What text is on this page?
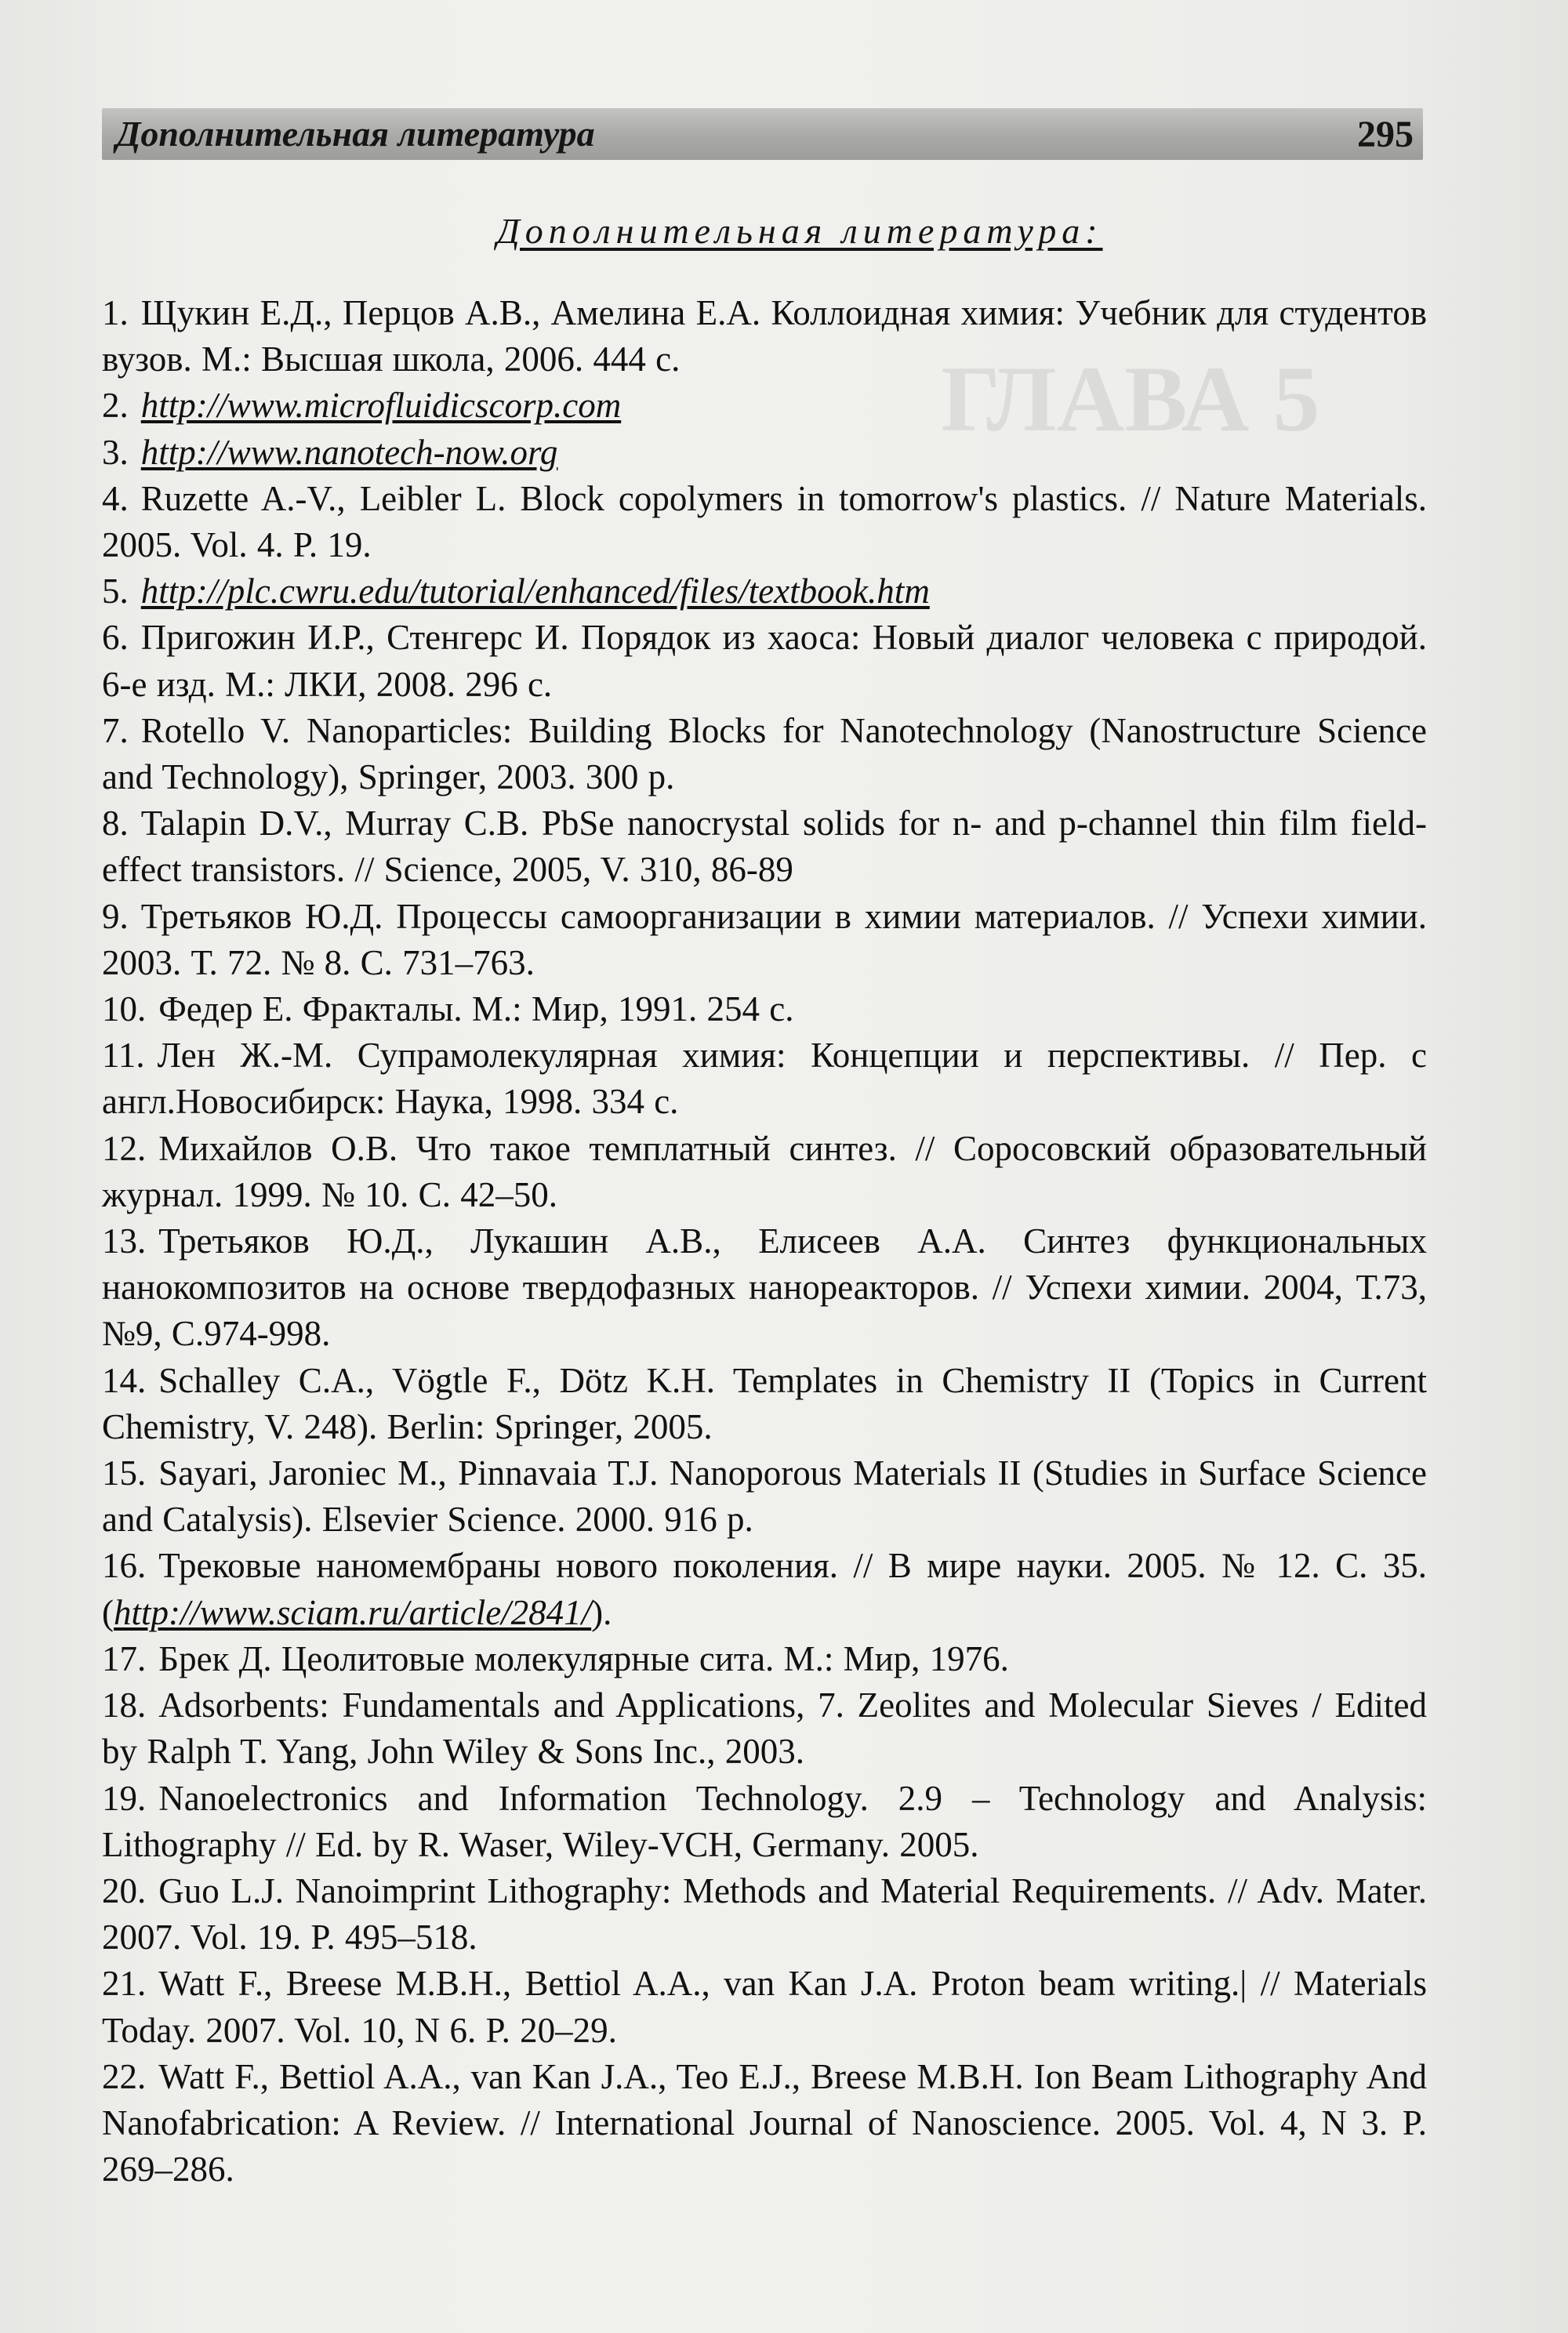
ГЛАВА 5
Дополнительная литература	295
Дополнительная литература:
1. Щукин Е.Д., Перцов А.В., Амелина Е.А. Коллоидная химия: Учебник для студентов вузов. М.: Высшая школа, 2006. 444 с.
2. http://www.microfluidicscorp.com
3. http://www.nanotech-now.org
4. Ruzette A.-V., Leibler L. Block copolymers in tomorrow's plastics. // Nature Materials. 2005. Vol. 4. P. 19.
5. http://plc.cwru.edu/tutorial/enhanced/files/textbook.htm
6. Пригожин И.Р., Стенгерс И. Порядок из хаоса: Новый диалог человека с природой. 6-е изд. М.: ЛКИ, 2008. 296 с.
7. Rotello V. Nanoparticles: Building Blocks for Nanotechnology (Nanostructure Science and Technology), Springer, 2003. 300 p.
8. Talapin D.V., Murray C.B. PbSe nanocrystal solids for n- and p-channel thin film field-effect transistors. // Science, 2005, V. 310, 86-89
9. Третьяков Ю.Д. Процессы самоорганизации в химии материалов. // Успехи химии. 2003. Т. 72. № 8. С. 731–763.
10. Федер Е. Фракталы. М.: Мир, 1991. 254 с.
11. Лен Ж.-М. Супрамолекулярная химия: Концепции и перспективы. // Пер. с англ.Новосибирск: Наука, 1998. 334 с.
12. Михайлов О.В. Что такое темплатный синтез. // Соросовский образовательный журнал. 1999. № 10. С. 42–50.
13. Третьяков Ю.Д., Лукашин А.В., Елисеев А.А. Синтез функциональных нанокомпозитов на основе твердофазных нанореакторов. // Успехи химии. 2004, Т.73, №9, С.974-998.
14. Schalley C.A., Vögtle F., Dötz K.H. Templates in Chemistry II (Topics in Current Chemistry, V. 248). Berlin: Springer, 2005.
15. Sayari, Jaroniec M., Pinnavaia T.J. Nanoporous Materials II (Studies in Surface Science and Catalysis). Elsevier Science. 2000. 916 p.
16. Трековые наномембраны нового поколения. // В мире науки. 2005. № 12. С. 35. (http://www.sciam.ru/article/2841/).
17. Брек Д. Цеолитовые молекулярные сита. М.: Мир, 1976.
18. Adsorbents: Fundamentals and Applications, 7. Zeolites and Molecular Sieves / Edited by Ralph T. Yang, John Wiley & Sons Inc., 2003.
19. Nanoelectronics and Information Technology. 2.9 – Technology and Analysis: Lithography // Ed. by R. Waser, Wiley-VCH, Germany. 2005.
20. Guo L.J. Nanoimprint Lithography: Methods and Material Requirements. // Adv. Mater. 2007. Vol. 19. P. 495–518.
21. Watt F., Breese M.B.H., Bettiol A.A., van Kan J.A. Proton beam writing.| // Materials Today. 2007. Vol. 10, N 6. P. 20–29.
22. Watt F., Bettiol A.A., van Kan J.A., Teo E.J., Breese M.B.H. Ion Beam Lithography And Nanofabrication: A Review. // International Journal of Nanoscience. 2005. Vol. 4, N 3. P. 269–286.
